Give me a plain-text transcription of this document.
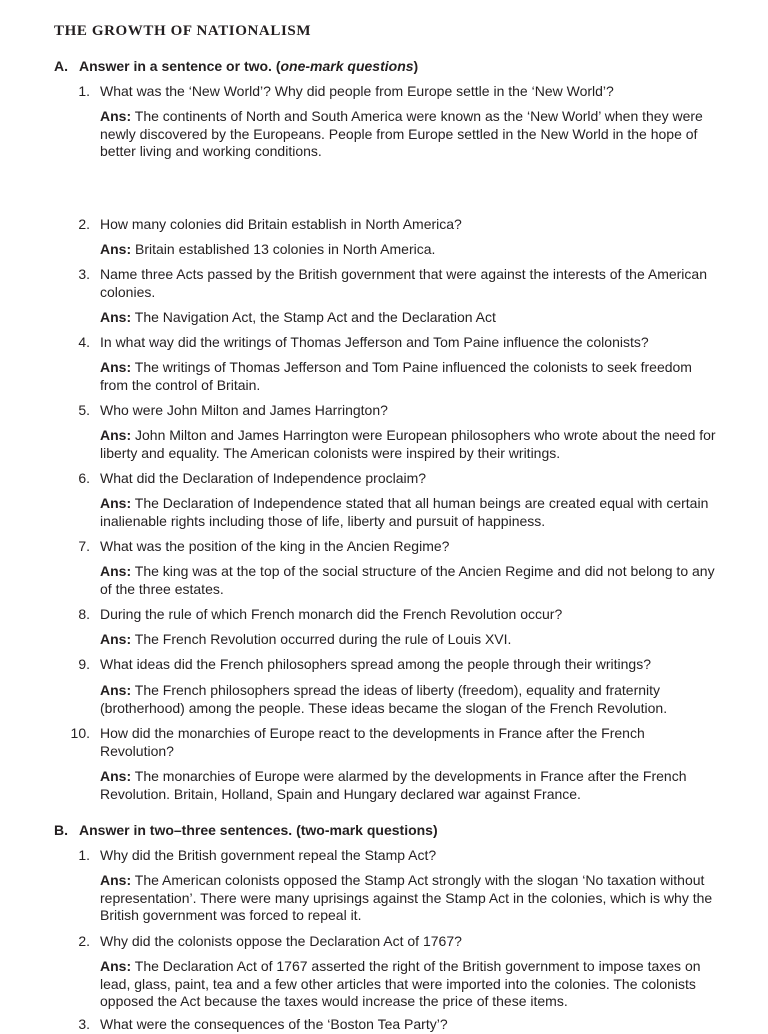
THE GROWTH OF NATIONALISM
A. Answer in a sentence or two. (one-mark questions)
1. What was the ‘New World’? Why did people from Europe settle in the ‘New World’?
Ans: The continents of North and South America were known as the ‘New World’ when they were newly discovered by the Europeans. People from Europe settled in the New World in the hope of better living and working conditions.
2. How many colonies did Britain establish in North America?
Ans: Britain established 13 colonies in North America.
3. Name three Acts passed by the British government that were against the interests of the American colonies.
Ans: The Navigation Act, the Stamp Act and the Declaration Act
4. In what way did the writings of Thomas Jefferson and Tom Paine influence the colonists?
Ans: The writings of Thomas Jefferson and Tom Paine influenced the colonists to seek freedom from the control of Britain.
5. Who were John Milton and James Harrington?
Ans: John Milton and James Harrington were European philosophers who wrote about the need for liberty and equality. The American colonists were inspired by their writings.
6. What did the Declaration of Independence proclaim?
Ans: The Declaration of Independence stated that all human beings are created equal with certain inalienable rights including those of life, liberty and pursuit of happiness.
7. What was the position of the king in the Ancien Regime?
Ans: The king was at the top of the social structure of the Ancien Regime and did not belong to any of the three estates.
8. During the rule of which French monarch did the French Revolution occur?
Ans: The French Revolution occurred during the rule of Louis XVI.
9. What ideas did the French philosophers spread among the people through their writings?
Ans: The French philosophers spread the ideas of liberty (freedom), equality and fraternity (brotherhood) among the people. These ideas became the slogan of the French Revolution.
10. How did the monarchies of Europe react to the developments in France after the French Revolution?
Ans: The monarchies of Europe were alarmed by the developments in France after the French Revolution. Britain, Holland, Spain and Hungary declared war against France.
B. Answer in two–three sentences. (two-mark questions)
1. Why did the British government repeal the Stamp Act?
Ans: The American colonists opposed the Stamp Act strongly with the slogan ‘No taxation without representation’. There were many uprisings against the Stamp Act in the colonies, which is why the British government was forced to repeal it.
2. Why did the colonists oppose the Declaration Act of 1767?
Ans: The Declaration Act of 1767 asserted the right of the British government to impose taxes on lead, glass, paint, tea and a few other articles that were imported into the colonies. The colonists opposed the Act because the taxes would increase the price of these items.
3. What were the consequences of the ‘Boston Tea Party’?
